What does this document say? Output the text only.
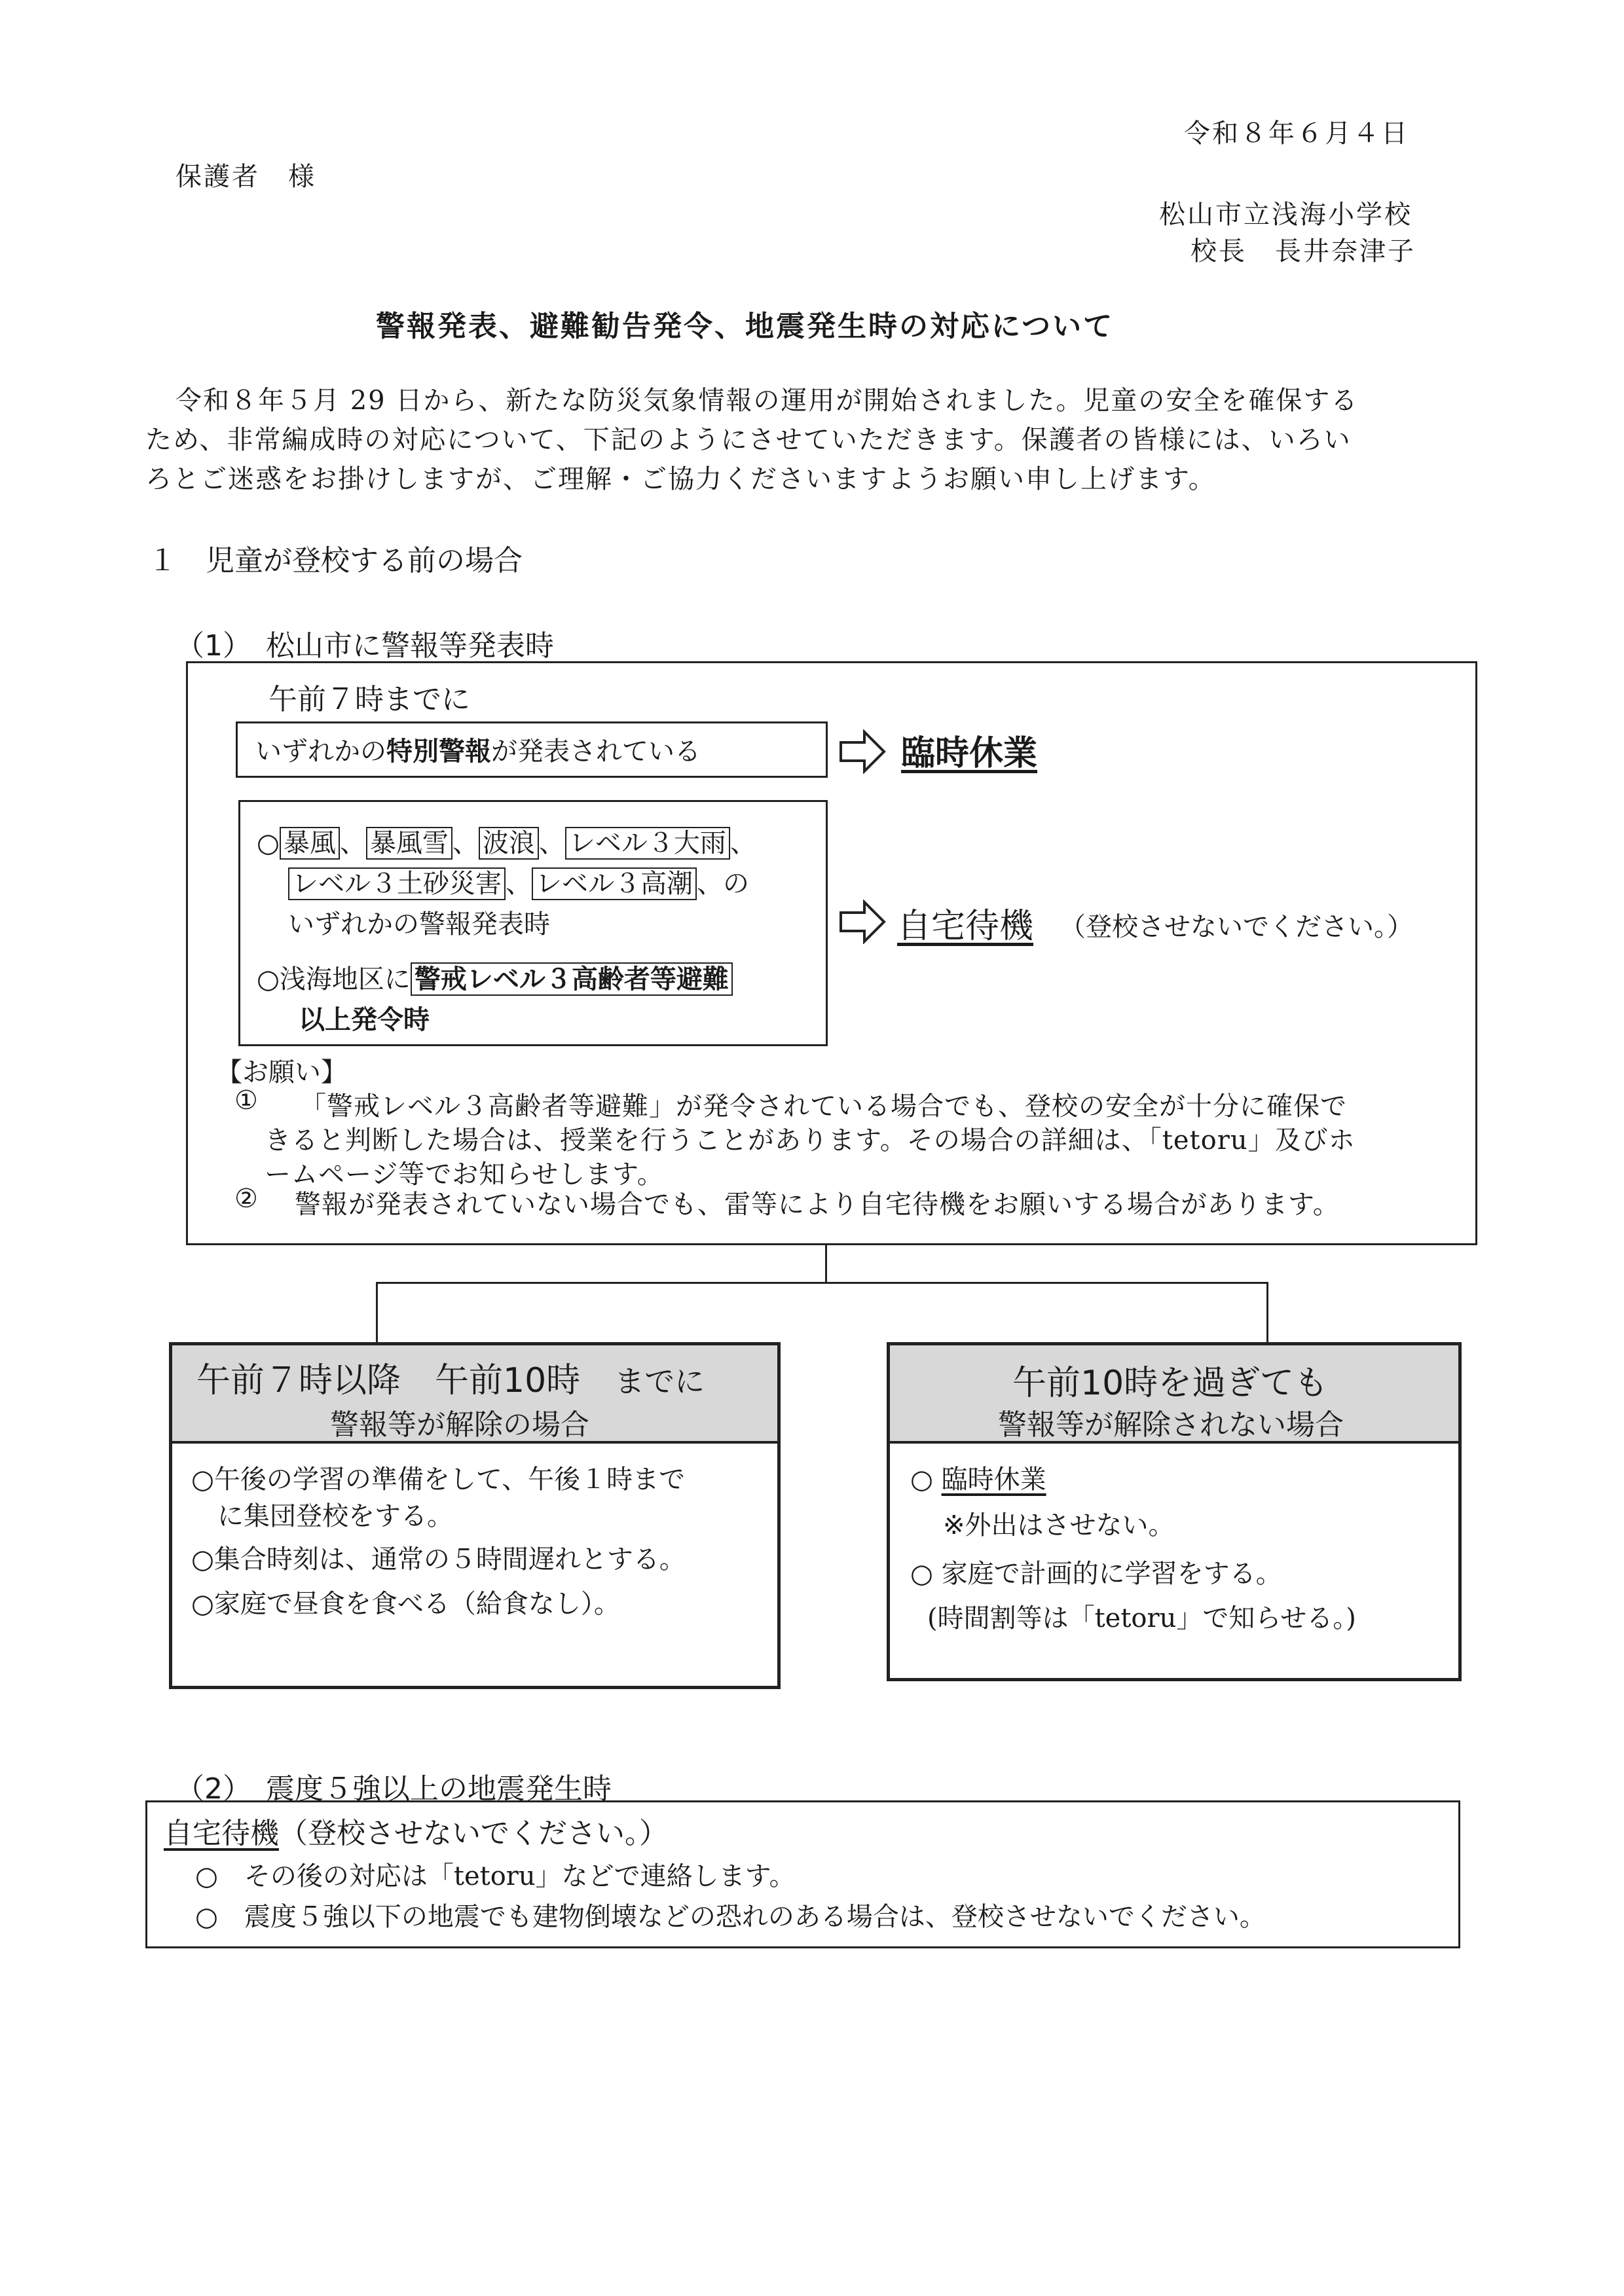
令和８年６月４日
保護者　様
松山市立浅海小学校
校長　長井奈津子
警報発表、避難勧告発令、地震発生時の対応について
令和８年５月 29 日から、新たな防災気象情報の運用が開始されました。児童の安全を確保する
ため、非常編成時の対応について、下記のようにさせていただきます。保護者の皆様には、いろい
ろとご迷惑をお掛けしますが、ご理解・ご協力くださいますようお願い申し上げます。
１　児童が登校する前の場合
（1）　松山市に警報等発表時
午前７時までに
いずれかの特別警報が発表されている	臨時休業
○ 暴風 、 暴風雪 、 波浪 、 レベル３大雨 、
レベル３土砂災害 、 レベル３高潮 、の
いずれかの警報発表時
○浅海地区に 警戒レベル３高齢者等避難
以上発令時
自宅待機 （登校させないでください。）
【お願い】
① 「警戒レベル３高齢者等避難」が発令されている場合でも、登校の安全が十分に確保で
きると判断した場合は、授業を行うことがあります。その場合の詳細は、「tetoru」及びホ
ームページ等でお知らせします。
② 警報が発表されていない場合でも、雷等により自宅待機をお願いする場合があります。
午前７時以降　午前10時　 までに
警報等が解除の場合
○午後の学習の準備をして、午後１時まで
　に集団登校をする。
○集合時刻は、通常の５時間遅れとする。
○家庭で昼食を食べる（給食なし）。
午前10時を過ぎても
警報等が解除されない場合
○ 臨時休業
※外出はさせない。
○ 家庭で計画的に学習をする。
(時間割等は「tetoru」で知らせる。)
（2）　震度５強以上の地震発生時
自宅待機（登校させないでください。）
○　その後の対応は「tetoru」などで連絡します。
○　震度５強以下の地震でも建物倒壊などの恐れのある場合は、登校させないでください。
